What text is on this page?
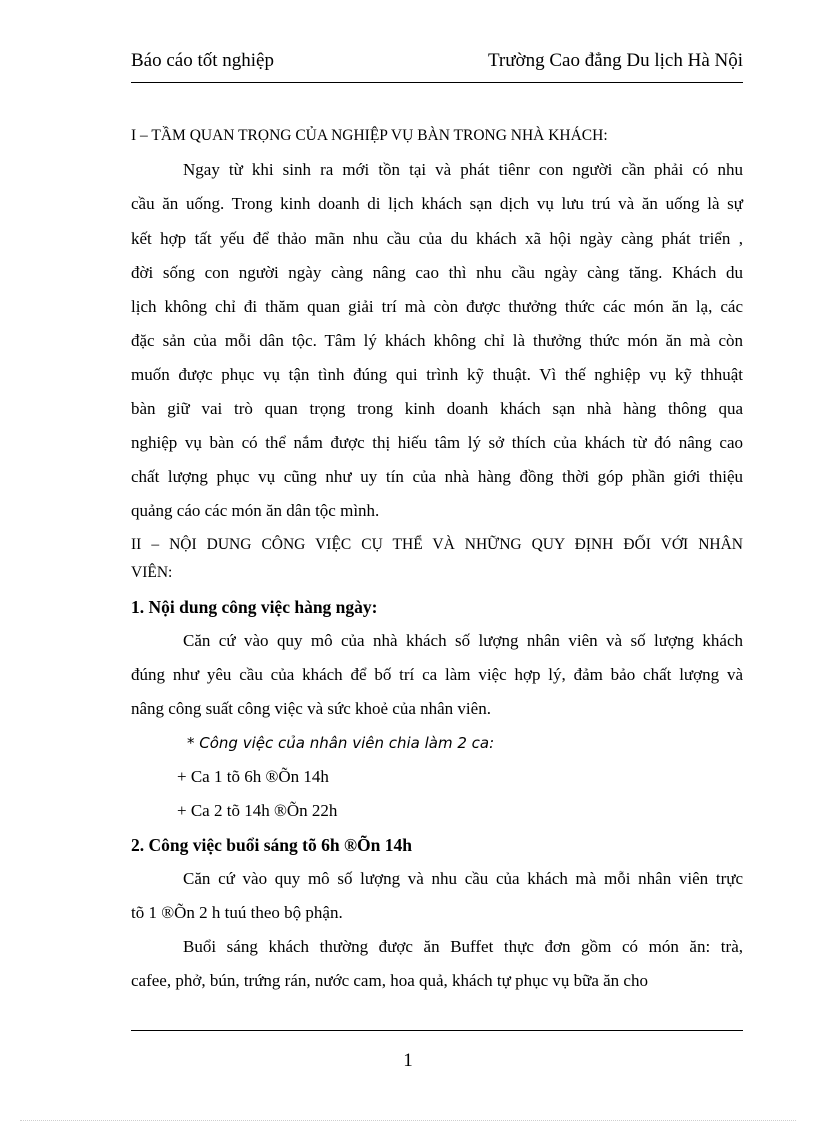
Báo cáo tốt nghiệp	Trường Cao đẳng Du lịch Hà Nội
I – TẦM QUAN TRỌNG CỦA NGHIỆP VỤ BÀN TRONG NHÀ KHÁCH:
Ngay từ khi sinh ra mới tồn tại và phát tiênr con người cần phải có nhu
cầu ăn uống. Trong kinh doanh di lịch khách sạn dịch vụ lưu trú và ăn uống là sự
kết hợp tất yếu để thảo mãn nhu cầu của du khách xã hội ngày càng phát triển ,
đời sống con người ngày càng nâng cao thì nhu cầu ngày càng tăng. Khách du
lịch không chỉ đi thăm quan giải trí mà còn được thưởng thức các món ăn lạ, các
đặc sản của mỗi dân tộc. Tâm lý khách không chỉ là thưởng thức món ăn mà còn
muốn được phục vụ tận tình đúng qui trình kỹ thuật. Vì thế nghiệp vụ kỹ thhuật
bàn giữ vai trò quan trọng trong kinh doanh khách sạn nhà hàng thông qua
nghiệp vụ bàn có thể nắm được thị hiếu tâm lý sở thích của khách từ đó nâng cao
chất lượng phục vụ cũng như uy tín của nhà hàng đồng thời góp phần giới thiệu
quảng cáo các món ăn dân tộc mình.
II – NỘI DUNG CÔNG VIỆC CỤ THỂ VÀ NHỮNG QUY ĐỊNH ĐỐI VỚI NHÂN
VIÊN:
1. Nội dung công việc hàng ngày:
Căn cứ vào quy mô của nhà khách số lượng nhân viên và số lượng khách
đúng như yêu cầu của khách để bố trí ca làm việc hợp lý, đảm bảo chất lượng và
nâng công suất công việc và sức khoẻ của nhân viên.
* Công việc của nhân viên chia làm 2 ca:
+ Ca 1 tõ 6h ®Õn 14h
+ Ca 2 tõ 14h ®Õn 22h
2. Công việc buổi sáng tõ 6h ®Õn 14h
Căn cứ vào quy mô số lượng và nhu cầu của khách mà mỗi nhân viên trực
tõ 1 ®Õn 2 h tuú theo bộ phận.
Buổi sáng khách thường được ăn Buffet thực đơn gồm có món ăn: trà,
cafee, phở, bún, trứng rán, nước cam, hoa quả, khách tự phục vụ bữa ăn cho
1
